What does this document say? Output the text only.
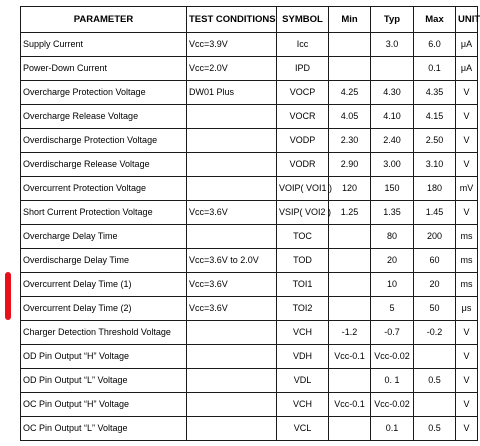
PARAMETER	TEST CONDITIONS	SYMBOL	Min	Typ	Max	UNIT
Supply Current	Vcc=3.9V	Icc		3.0	6.0	μA
Power-Down Current	Vcc=2.0V	IPD			0.1	μA
Overcharge Protection Voltage	DW01 Plus	VOCP	4.25	4.30	4.35	V
Overcharge Release Voltage		VOCR	4.05	4.10	4.15	V
Overdischarge Protection Voltage		VODP	2.30	2.40	2.50	V
Overdischarge Release Voltage		VODR	2.90	3.00	3.10	V
Overcurrent Protection Voltage		VOIP( VOI1 )	120	150	180	mV
Short Current Protection Voltage	Vcc=3.6V	VSIP( VOI2 )	1.25	1.35	1.45	V
Overcharge Delay Time		TOC		80	200	ms
Overdischarge Delay Time	Vcc=3.6V to 2.0V	TOD		20	60	ms
Overcurrent Delay Time (1)	Vcc=3.6V	TOI1		10	20	ms
Overcurrent Delay Time (2)	Vcc=3.6V	TOI2		5	50	μs
Charger Detection Threshold Voltage		VCH	-1.2	-0.7	-0.2	V
OD Pin Output “H” Voltage		VDH	Vcc-0.1	Vcc-0.02		V
OD Pin Output “L” Voltage		VDL		0. 1	0.5	V
OC Pin Output “H” Voltage		VCH	Vcc-0.1	Vcc-0.02		V
OC Pin Output “L” Voltage		VCL		0.1	0.5	V
